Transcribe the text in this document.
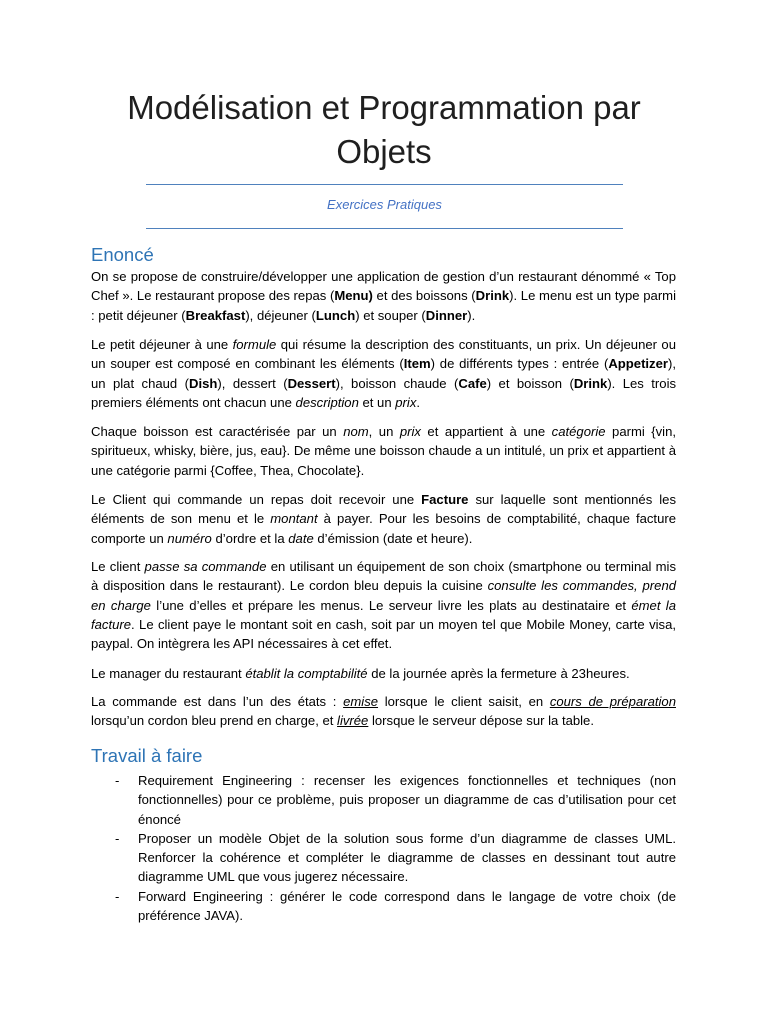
Modélisation et Programmation par Objets

Exercices Pratiques

Enoncé

On se propose de construire/développer une application de gestion d’un restaurant dénommé « Top Chef ». Le restaurant propose des repas (Menu) et des boissons (Drink). Le menu est un type parmi : petit déjeuner (Breakfast), déjeuner (Lunch) et souper (Dinner).

Le petit déjeuner à une formule qui résume la description des constituants, un prix. Un déjeuner ou un souper est composé en combinant les éléments (Item) de différents types : entrée (Appetizer), un plat chaud (Dish), dessert (Dessert), boisson chaude (Cafe) et boisson (Drink). Les trois premiers éléments ont chacun une description et un prix.

Chaque boisson est caractérisée par un nom, un prix et appartient à une catégorie parmi {vin, spiritueux, whisky, bière, jus, eau}. De même une boisson chaude a un intitulé, un prix et appartient à une catégorie parmi {Coffee, Thea, Chocolate}.

Le Client qui commande un repas doit recevoir une Facture sur laquelle sont mentionnés les éléments de son menu et le montant à payer. Pour les besoins de comptabilité, chaque facture comporte un numéro d’ordre et la date d’émission (date et heure).

Le client passe sa commande en utilisant un équipement de son choix (smartphone ou terminal mis à disposition dans le restaurant). Le cordon bleu depuis la cuisine consulte les commandes, prend en charge l’une d’elles et prépare les menus. Le serveur livre les plats au destinataire et émet la facture. Le client paye le montant soit en cash, soit par un moyen tel que Mobile Money, carte visa, paypal. On intègrera les API nécessaires à cet effet.

Le manager du restaurant établit la comptabilité de la journée après la fermeture à 23heures.

La commande est dans l’un des états : emise lorsque le client saisit, en cours de préparation lorsqu’un cordon bleu prend en charge, et livrée lorsque le serveur dépose sur la table.

Travail à faire
- Requirement Engineering : recenser les exigences fonctionnelles et techniques (non fonctionnelles) pour ce problème, puis proposer un diagramme de cas d’utilisation pour cet énoncé
- Proposer un modèle Objet de la solution sous forme d’un diagramme de classes UML. Renforcer la cohérence et compléter le diagramme de classes en dessinant tout autre diagramme UML que vous jugerez nécessaire.
- Forward Engineering : générer le code correspond dans le langage de votre choix (de préférence JAVA).
